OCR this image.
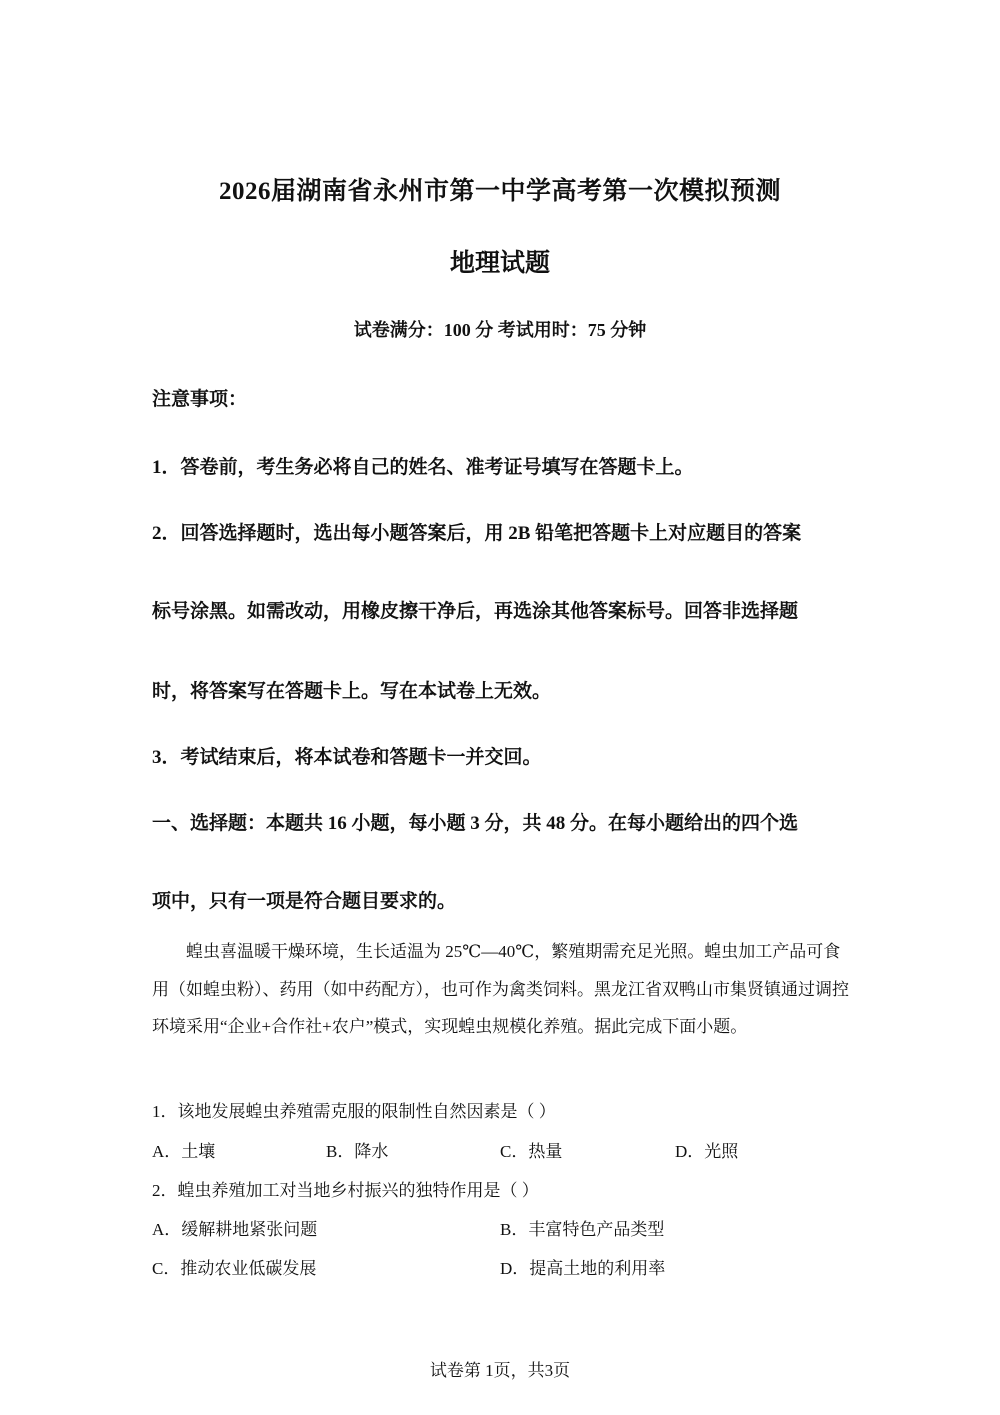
2026届湖南省永州市第一中学高考第一次模拟预测
地理试题
试卷满分：100 分 考试用时：75 分钟
注意事项：
1．答卷前，考生务必将自己的姓名、准考证号填写在答题卡上。
2．回答选择题时，选出每小题答案后，用 2B 铅笔把答题卡上对应题目的答案
标号涂黑。如需改动，用橡皮擦干净后，再选涂其他答案标号。回答非选择题
时，将答案写在答题卡上。写在本试卷上无效。
3．考试结束后，将本试卷和答题卡一并交回。
一、选择题：本题共 16 小题，每小题 3 分，共 48 分。在每小题给出的四个选
项中，只有一项是符合题目要求的。
蝗虫喜温暖干燥环境，生长适温为 25℃—40℃，繁殖期需充足光照。蝗虫加工产品可食用（如蝗虫粉）、药用（如中药配方），也可作为禽类饲料。黑龙江省双鸭山市集贤镇通过调控环境采用“企业+合作社+农户”模式，实现蝗虫规模化养殖。据此完成下面小题。
1．该地发展蝗虫养殖需克服的限制性自然因素是（ ）
A．土壤	B．降水	C．热量	D．光照
2．蝗虫养殖加工对当地乡村振兴的独特作用是（ ）
A．缓解耕地紧张问题	B．丰富特色产品类型
C．推动农业低碳发展	D．提高土地的利用率
试卷第 1页，共3页
